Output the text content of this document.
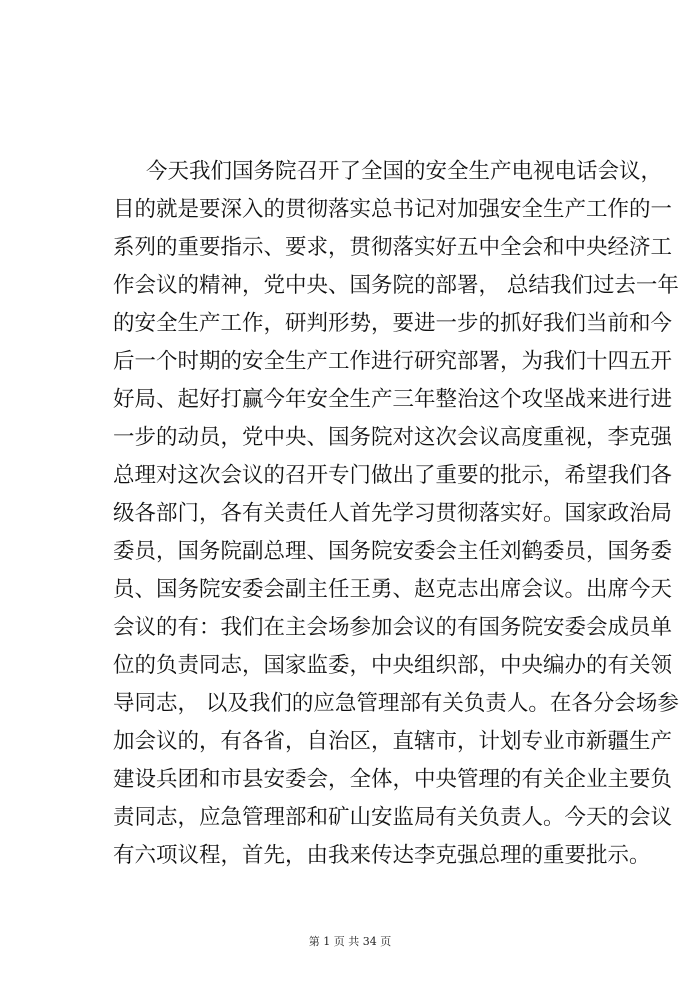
今天我们国务院召开了全国的安全生产电视电话会议，
目的就是要深入的贯彻落实总书记对加强安全生产工作的一
系列的重要指示、要求，贯彻落实好五中全会和中央经济工
作会议的精神，党中央、国务院的部署， 总结我们过去一年
的安全生产工作，研判形势，要进一步的抓好我们当前和今
后一个时期的安全生产工作进行研究部署，为我们十四五开
好局、起好打赢今年安全生产三年整治这个攻坚战来进行进
一步的动员，党中央、国务院对这次会议高度重视，李克强
总理对这次会议的召开专门做出了重要的批示，希望我们各
级各部门，各有关责任人首先学习贯彻落实好。国家政治局
委员，国务院副总理、国务院安委会主任刘鹤委员，国务委
员、国务院安委会副主任王勇、赵克志出席会议。出席今天
会议的有：我们在主会场参加会议的有国务院安委会成员单
位的负责同志，国家监委，中央组织部，中央编办的有关领
导同志， 以及我们的应急管理部有关负责人。在各分会场参
加会议的，有各省，自治区，直辖市，计划专业市新疆生产
建设兵团和市县安委会，全体，中央管理的有关企业主要负
责同志，应急管理部和矿山安监局有关负责人。今天的会议
有六项议程，首先，由我来传达李克强总理的重要批示。
第 1 页 共 34 页
